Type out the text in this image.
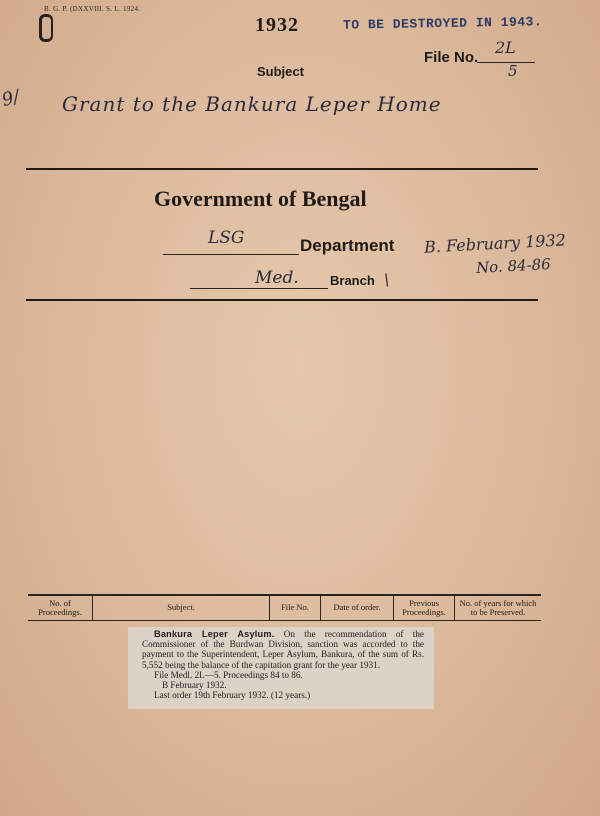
B. G. P. (DXXVIII. S. L. 1924.
1932	TO BE DESTROYED IN 1943.
File No.
2L
5
Subject
9/ Grant to the Bankura Leper Home
Government of Bengal
LSG	Department B. February 1932
No. 84-86
Med. Branch \
No. of Proceedings.	Subject.	File No.	Date of order.	Previous Proceedings.	No. of years for which to be Preserved.
Bankura Leper Asylum. On the recommendation of the Commissioner of the Burdwan Division, sanction was accorded to the payment to the Superintendent, Leper Asylum, Bankura, of the sum of Rs. 5,552 being the balance of the capitation grant for the year 1931.
File Medl. 2L—5. Proceedings 84 to 86.
B February 1932.
Last order 19th February 1932. (12 years.)
